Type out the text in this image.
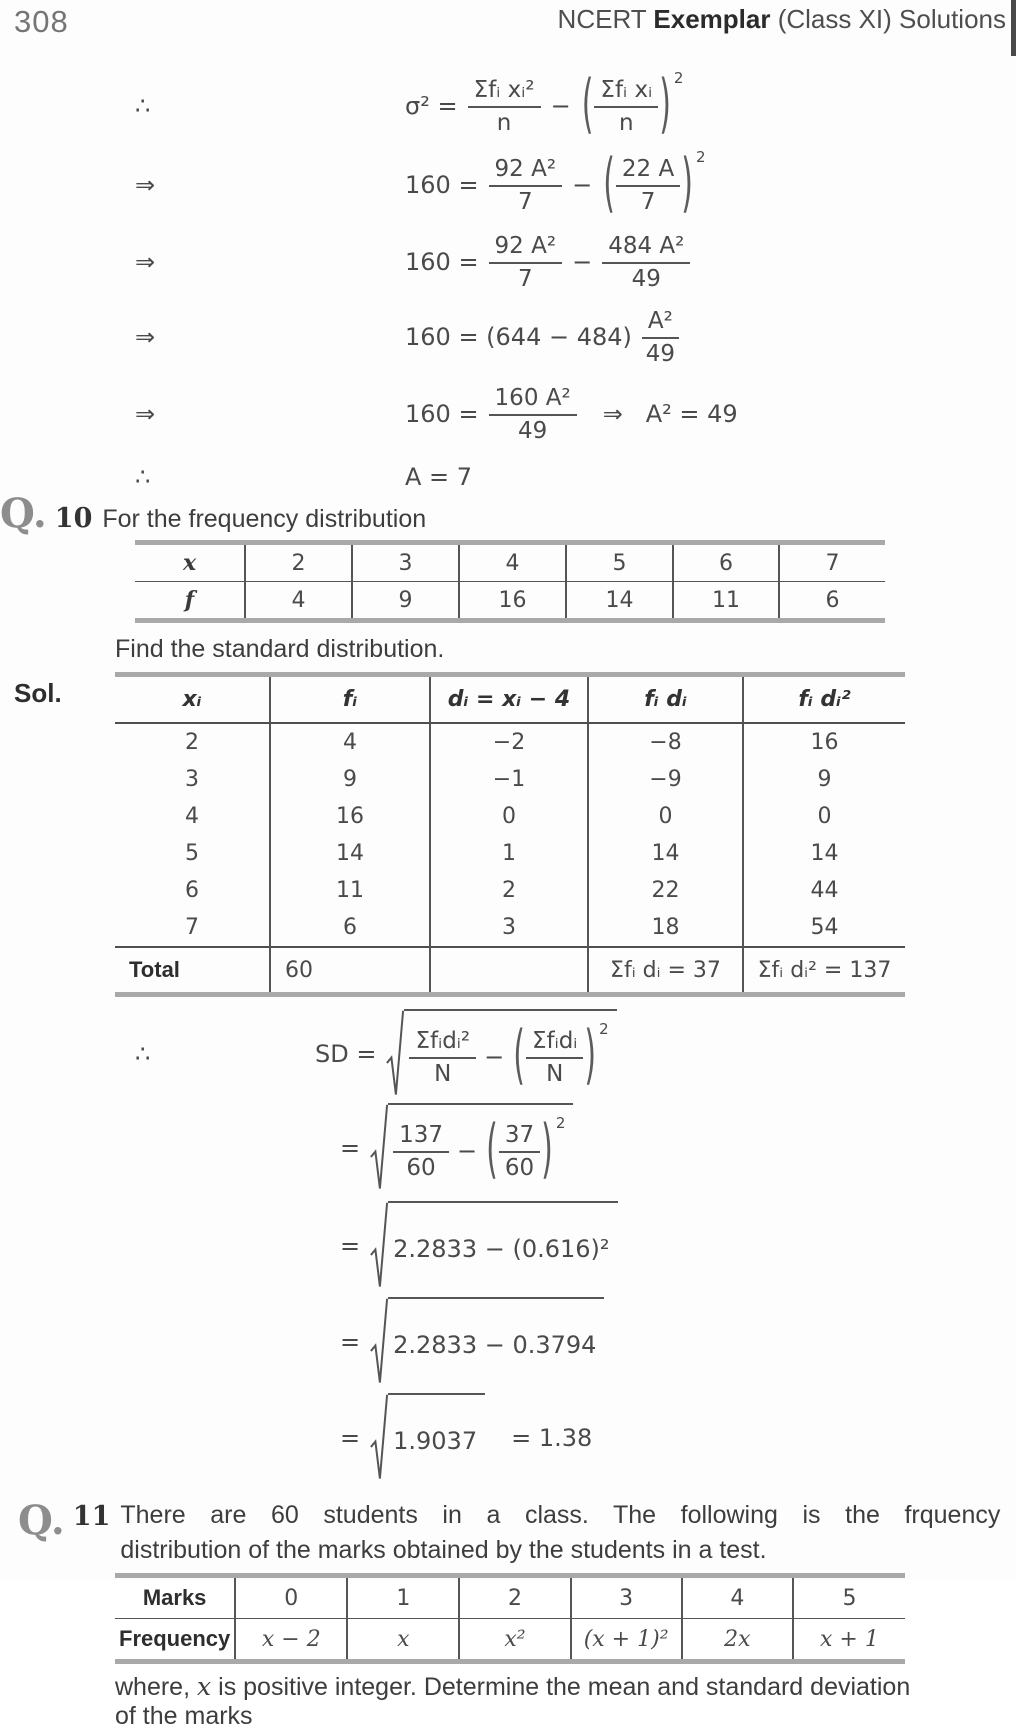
308	NCERT Exemplar (Class XI) Solutions
∴	$\sigma^2 = \frac{\text{Σfᵢ xᵢ²}}{n}$ − ( $\frac{\text{Σfᵢ xᵢ}}{n}$ ) 2
⇒	$160 = \frac{\text{92 A²}}{7}$ − ( $\frac{22 A}{7}$ ) 2
⇒	$160 = \frac{\text{92 A²}}{7} - \frac{\text{484 A²}}{49}$
⇒	$160 = (644 - 484) \frac{\text{A²}}{49}$
⇒	$160 = \frac{\text{160 A²}}{49}$ ⇒   A² = 49
∴	A = 7
Q. 10 For the frequency distribution
x	2	3	4	5	6	7
f	4	9	16	14	11	6
Find the standard distribution.
Sol.	xᵢ	fᵢ	dᵢ = xᵢ − 4	fᵢ dᵢ	fᵢ dᵢ²
2	4	−2	−8	16
3	9	−1	−9	9
4	16	0	0	0
5	14	1	14	14
6	11	2	22	44
7	6	3	18	54
Total	60		Σfᵢ dᵢ = 37	Σfᵢ dᵢ² = 137
∴	SD = $\frac{\text{Σfᵢdᵢ²}}{N}$ − ( $\frac{\text{Σfᵢdᵢ}}{N}$ ) 2
= $\frac{137}{60}$ − ( $\frac{37}{60}$ ) 2
= 2.2833 − (0.616)²
= 2.2833 − 0.3794
= 1.9037	= 1.38
Q. 11 There are 60 students in a class. The following is the frquency
distribution of the marks obtained by the students in a test.
Marks	0	1	2	3	4	5
Frequency	x − 2	x	x²	(x + 1)²	2x	x + 1
where, x is positive integer. Determine the mean and standard deviation
of the marks
